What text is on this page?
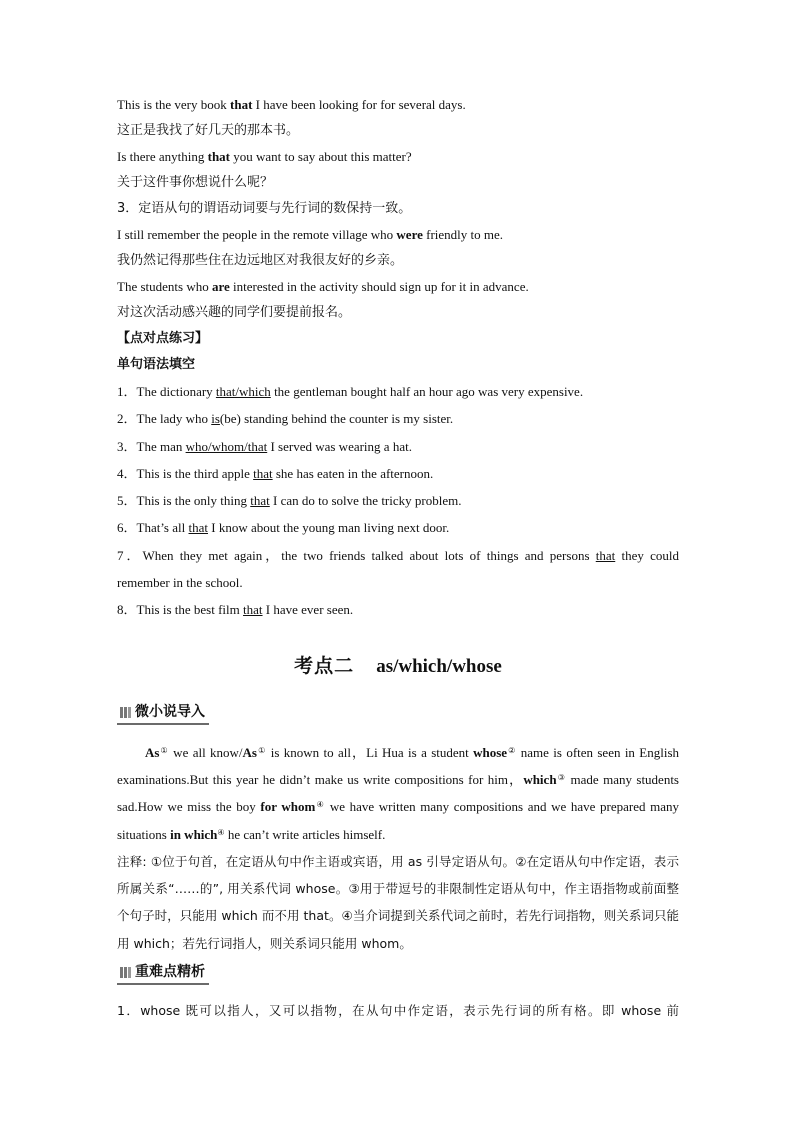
This is the very book that I have been looking for for several days.
这正是我找了好几天的那本书。
Is there anything that you want to say about this matter?
关于这件事你想说什么呢？
3．定语从句的谓语动词要与先行词的数保持一致。
I still remember the people in the remote village who were friendly to me.
我仍然记得那些住在边远地区对我很友好的乡亲。
The students who are interested in the activity should sign up for it in advance.
对这次活动感兴趣的同学们要提前报名。
【点对点练习】
单句语法填空
1．The dictionary that/which the gentleman bought half an hour ago was very expensive.
2．The lady who is(be) standing behind the counter is my sister.
3．The man who/whom/that I served was wearing a hat.
4．This is the third apple that she has eaten in the afternoon.
5．This is the only thing that I can do to solve the tricky problem.
6．That’s all that I know about the young man living next door.
7．When they met again，the two friends talked about lots of things and persons that they could
remember in the school.
8．This is the best film that I have ever seen.
考点二 as/which/whose
微小说导入
As① we all know/As① is known to all，Li Hua is a student whose② name is often seen in English examinations.But this year he didn’t make us write compositions for him，which③ made many students sad.How we miss the boy for whom④ we have written many compositions and we have prepared many situations in which④ he can’t write articles himself.
注释: ①位于句首，在定语从句中作主语或宾语，用 as 引导定语从句。②在定语从句中作定语，表示所属关系“……的”, 用关系代词 whose。③用于带逗号的非限制性定语从句中，作主语指物或前面整个句子时，只能用 which 而不用 that。④当介词提到关系代词之前时，若先行词指物，则关系词只能用 which；若先行词指人，则关系词只能用 whom。
重难点精析
1．whose 既可以指人，又可以指物，在从句中作定语，表示先行词的所有格。即 whose 前
